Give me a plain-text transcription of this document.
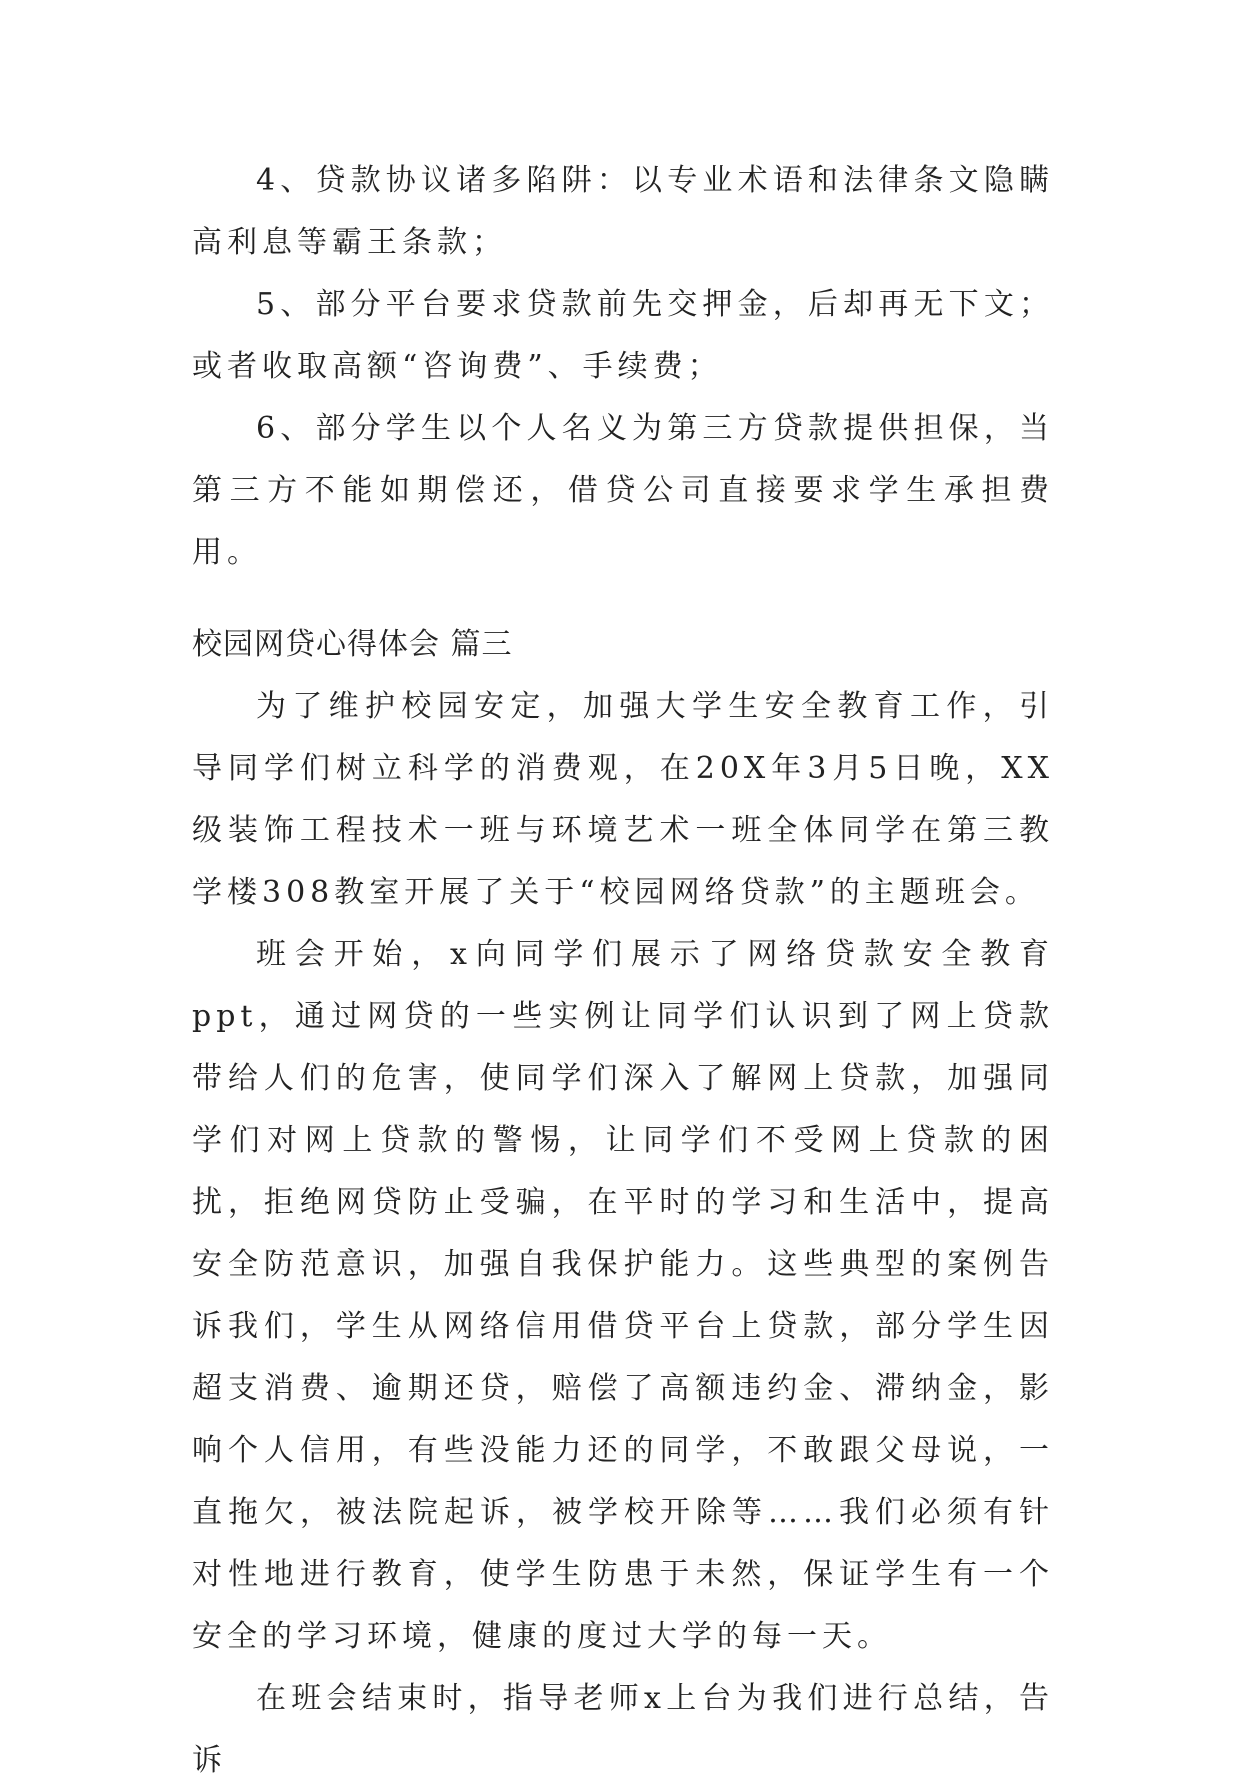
4、贷款协议诸多陷阱：以专业术语和法律条文隐瞒高利息等霸王条款；

5、部分平台要求贷款前先交押金，后却再无下文；或者收取高额“咨询费”、手续费；

6、部分学生以个人名义为第三方贷款提供担保，当第三方不能如期偿还，借贷公司直接要求学生承担费用。

校园网贷心得体会 篇三

为了维护校园安定，加强大学生安全教育工作，引导同学们树立科学的消费观，在20X年3月5日晚，XX级装饰工程技术一班与环境艺术一班全体同学在第三教学楼308教室开展了关于“校园网络贷款”的主题班会。

班会开始，x向同学们展示了网络贷款安全教育ppt，通过网贷的一些实例让同学们认识到了网上贷款带给人们的危害，使同学们深入了解网上贷款，加强同学们对网上贷款的警惕，让同学们不受网上贷款的困扰，拒绝网贷防止受骗，在平时的学习和生活中，提高安全防范意识，加强自我保护能力。这些典型的案例告诉我们，学生从网络信用借贷平台上贷款，部分学生因超支消费、逾期还贷，赔偿了高额违约金、滞纳金，影响个人信用，有些没能力还的同学，不敢跟父母说，一直拖欠，被法院起诉，被学校开除等……我们必须有针对性地进行教育，使学生防患于未然，保证学生有一个安全的学习环境，健康的度过大学的每一天。

在班会结束时，指导老师x上台为我们进行总结，告诉
